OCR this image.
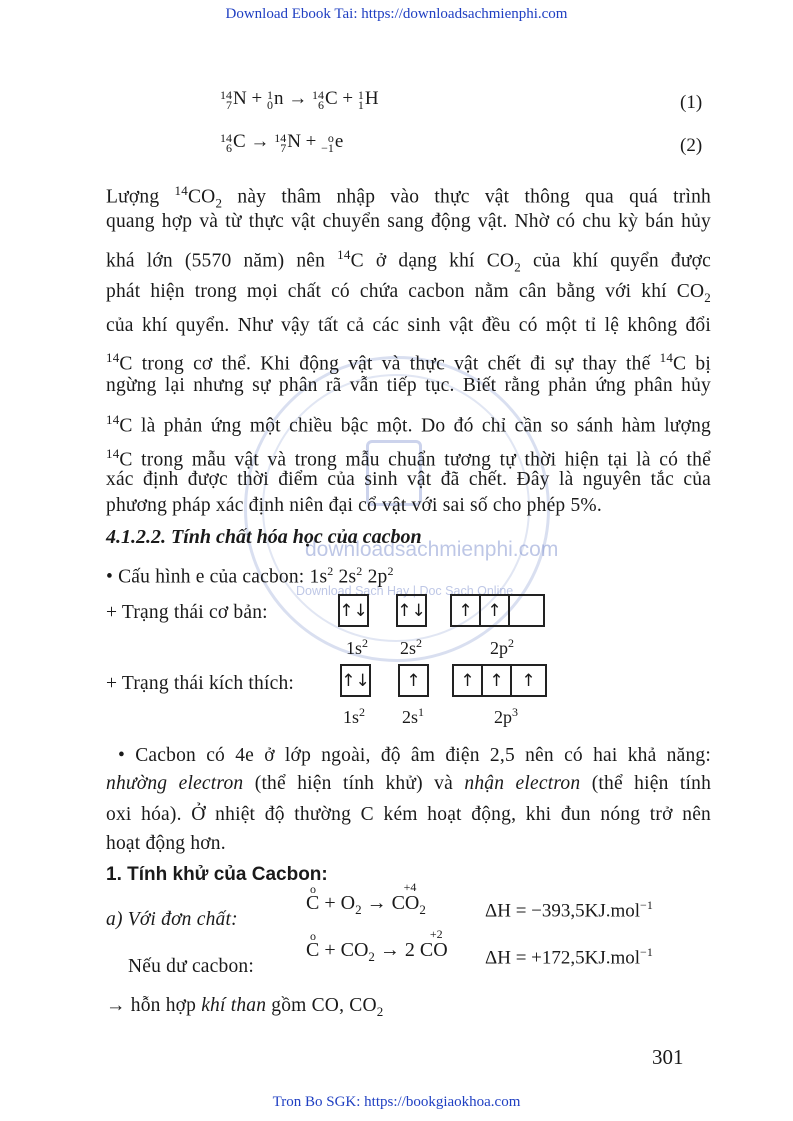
Download Ebook Tai: https://downloadsachmienphi.com
downloadsachmienphi.com
Download Sach Hay | Doc Sach Online
14
7 N + 1
0 n → 14
6 C + 1
1 H	(1)
14
6 C → 14
7 N + o
−1 e	(2)
Lượng $^{14}CO_2$ này thâm nhập vào thực vật thông qua quá trình
quang hợp và từ thực vật chuyển sang động vật. Nhờ có chu kỳ bán hủy
khá lớn (5570 năm) nên $^{14}$C ở dạng khí $CO_2$ của khí quyển được
phát hiện trong mọi chất có chứa cacbon nằm cân bằng với khí $CO_2$
của khí quyển. Như vậy tất cả các sinh vật đều có một tỉ lệ không đổi
$^{14}$C trong cơ thể. Khi động vật và thực vật chết đi sự thay thế $^{14}$C bị
ngừng lại nhưng sự phân rã vẫn tiếp tục. Biết rằng phản ứng phân hủy
$^{14}$C là phản ứng một chiều bậc một. Do đó chỉ cần so sánh hàm lượng
$^{14}$C trong mẫu vật và trong mẫu chuẩn tương tự thời hiện tại là có thể
xác định được thời điểm của sinh vật đã chết. Đây là nguyên tắc của
phương pháp xác định niên đại cổ vật với sai số cho phép 5%.
4.1.2.2. Tính chất hóa học của cacbon
• Cấu hình e của cacbon: $1s^2$ $2s^2$ $2p^2$
+ Trạng thái cơ bản:	↑↓ ↑↓	↑ ↑
$1s^2$ $2s^2$	$2p^2$
+ Trạng thái kích thích:	↑↓	↑	↑ ↑	↑
$1s^2$ $2s^1$	$2p^3$
• Cacbon có 4e ở lớp ngoài, độ âm điện 2,5 nên có hai khả năng:
nhường electron (thể hiện tính khử) và nhận electron (thể hiện tính
oxi hóa). Ở nhiệt độ thường C kém hoạt động, khi đun nóng trở nên
hoạt động hơn.
1. Tính khử của Cacbon:
a) Với đơn chất:
C
o
+ $O_2 \to CO_2$
+4
ΔH = −393,5KJ.mol$^{-1}$
Nếu dư cacbon:
C
o
+ $CO_2 \to 2$ CO
+2
ΔH = +172,5KJ.mol$^{-1}$
→ hỗn hợp khí than gồm CO, $CO_2$
301
Tron Bo SGK: https://bookgiaokhoa.com
